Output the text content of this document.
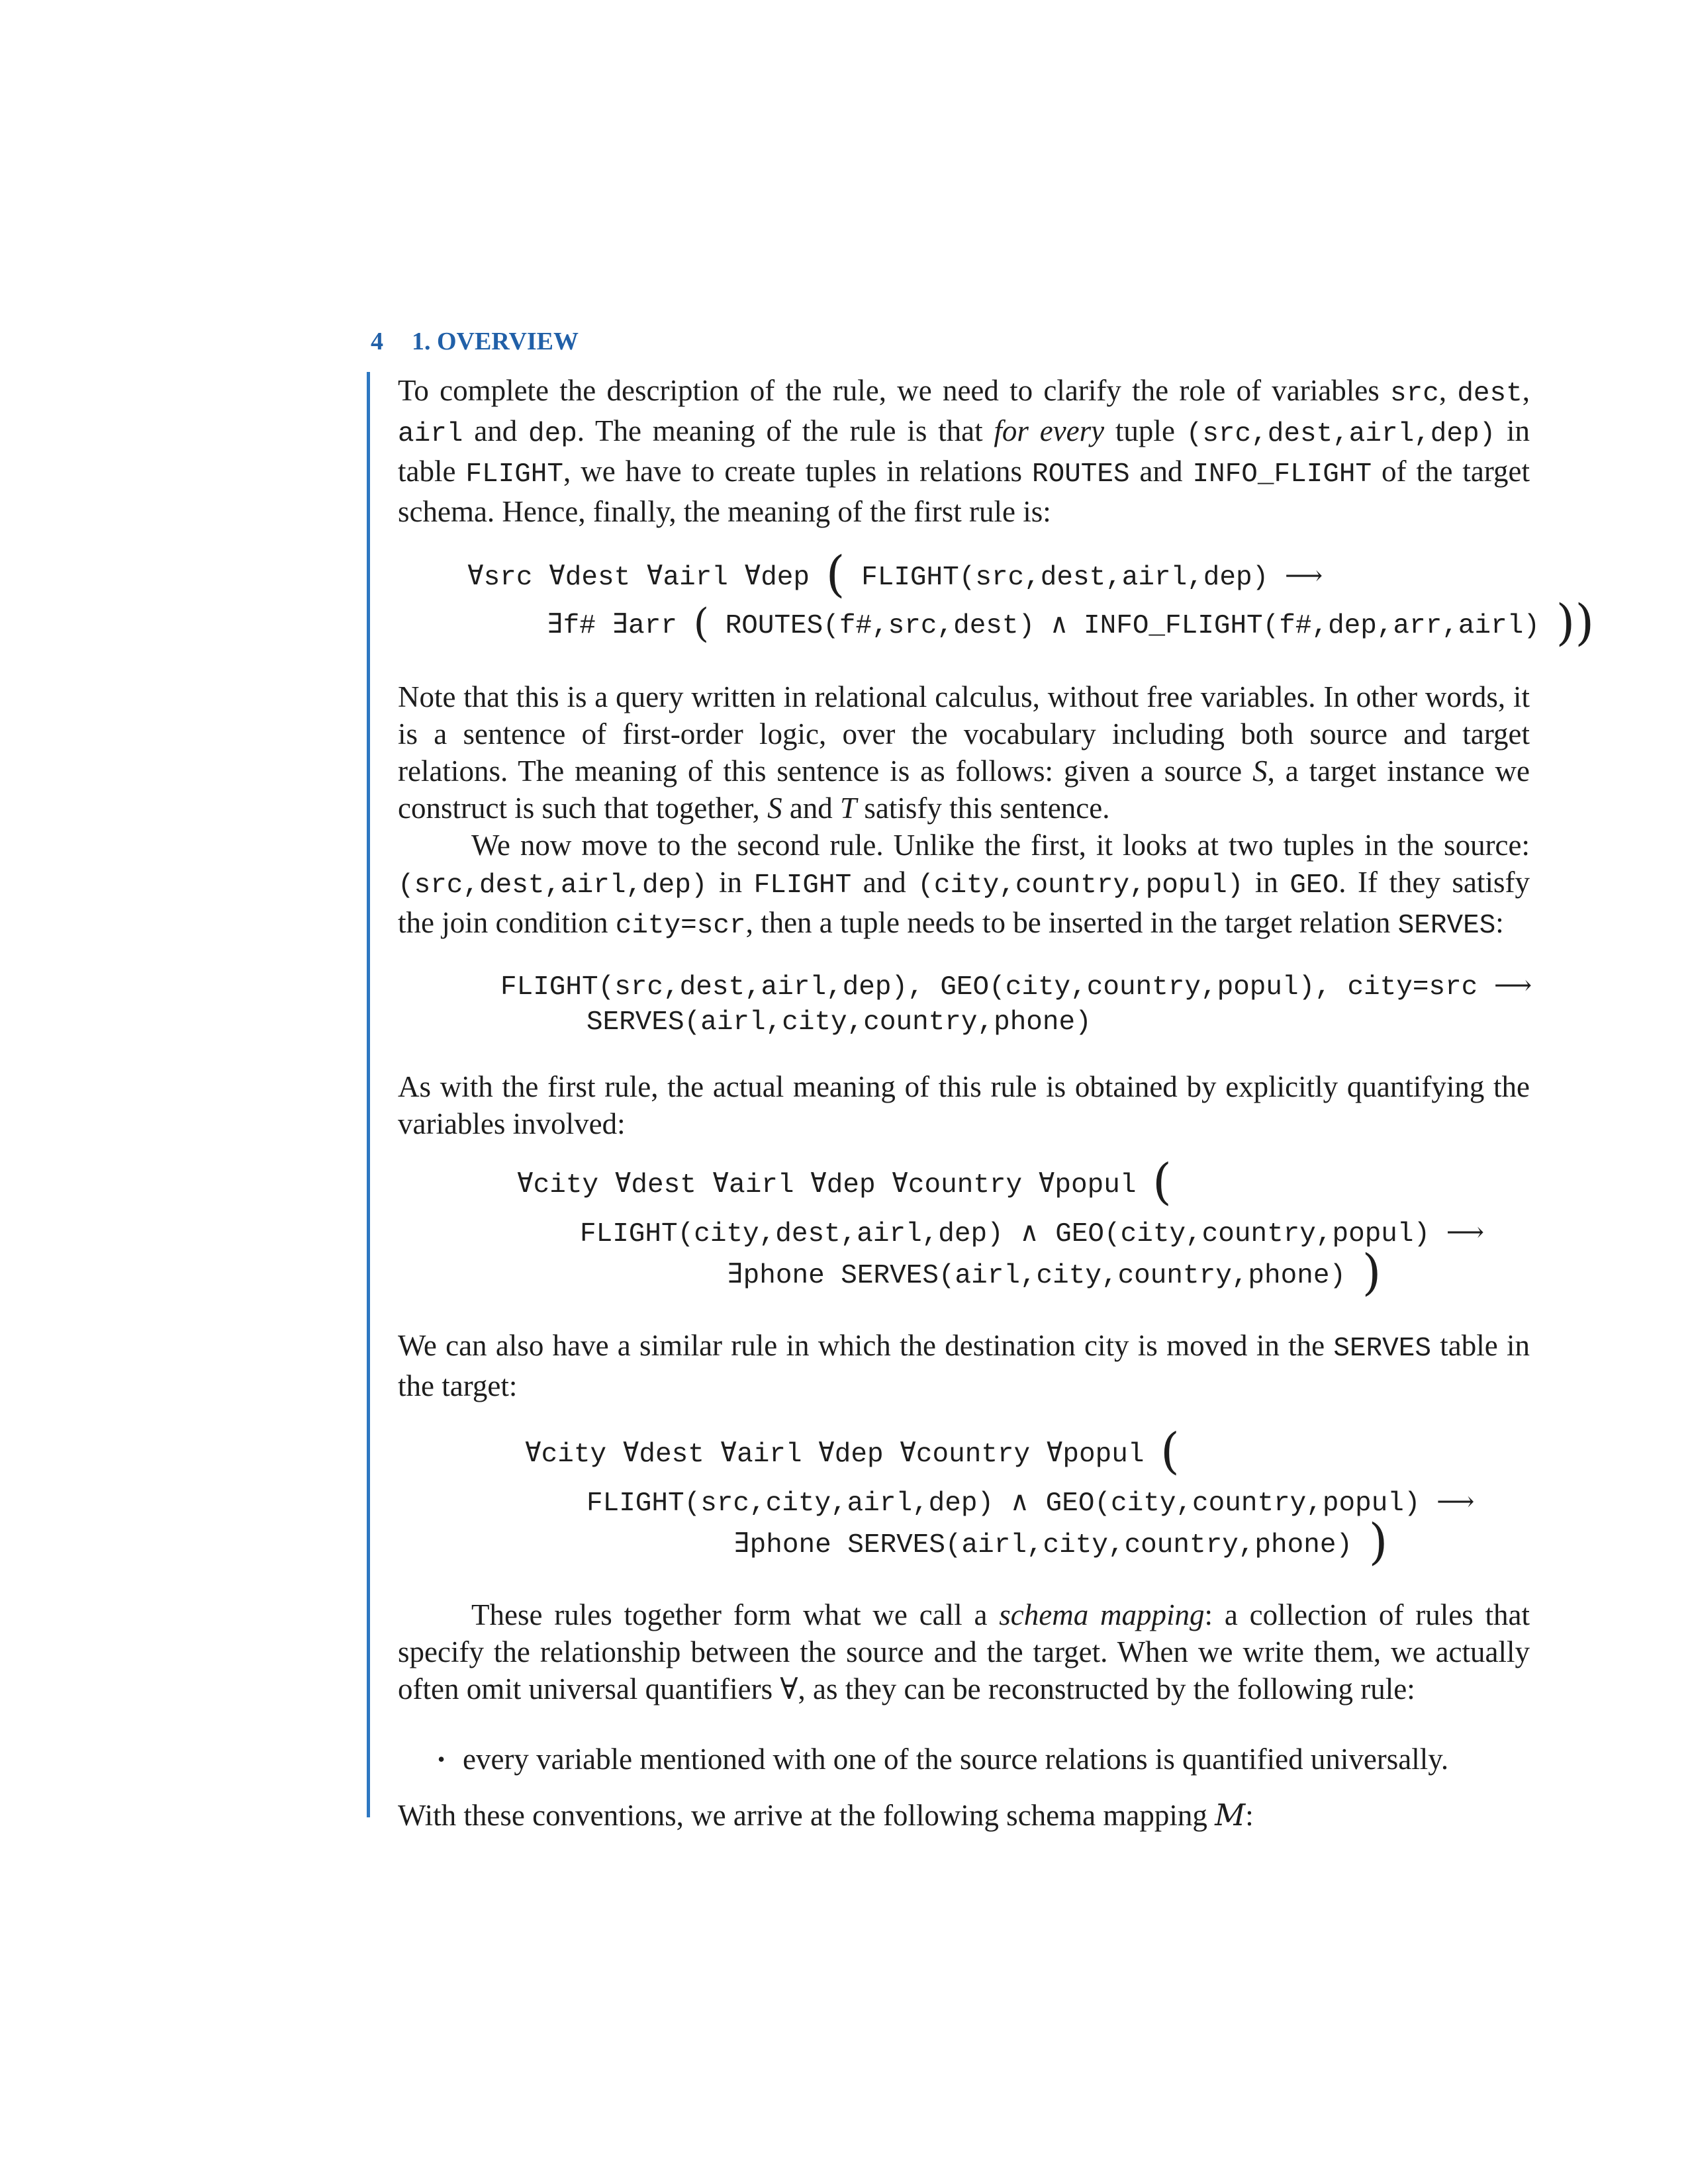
4 1. OVERVIEW
To complete the description of the rule, we need to clarify the role of variables src, dest, airl and dep. The meaning of the rule is that for every tuple (src,dest,airl,dep) in table FLIGHT, we have to create tuples in relations ROUTES and INFO_FLIGHT of the target schema. Hence, finally, the meaning of the first rule is:
∀src ∀dest ∀airl ∀dep ( FLIGHT(src,dest,airl,dep) ⟶
∃f# ∃arr ( ROUTES(f#,src,dest) ∧ INFO_FLIGHT(f#,dep,arr,airl) ))
Note that this is a query written in relational calculus, without free variables. In other words, it is a sentence of first-order logic, over the vocabulary including both source and target relations. The meaning of this sentence is as follows: given a source S, a target instance we construct is such that together, S and T satisfy this sentence.
We now move to the second rule. Unlike the first, it looks at two tuples in the source: (src,dest,airl,dep) in FLIGHT and (city,country,popul) in GEO. If they satisfy the join condition city=scr, then a tuple needs to be inserted in the target relation SERVES:
FLIGHT(src,dest,airl,dep), GEO(city,country,popul), city=src ⟶
SERVES(airl,city,country,phone)
As with the first rule, the actual meaning of this rule is obtained by explicitly quantifying the variables involved:
∀city ∀dest ∀airl ∀dep ∀country ∀popul (
FLIGHT(city,dest,airl,dep) ∧ GEO(city,country,popul) ⟶
∃phone SERVES(airl,city,country,phone) )
We can also have a similar rule in which the destination city is moved in the SERVES table in the target:
∀city ∀dest ∀airl ∀dep ∀country ∀popul (
FLIGHT(src,city,airl,dep) ∧ GEO(city,country,popul) ⟶
∃phone SERVES(airl,city,country,phone) )
These rules together form what we call a schema mapping: a collection of rules that specify the relationship between the source and the target. When we write them, we actually often omit universal quantifiers ∀, as they can be reconstructed by the following rule:
• every variable mentioned with one of the source relations is quantified universally.
With these conventions, we arrive at the following schema mapping M:
